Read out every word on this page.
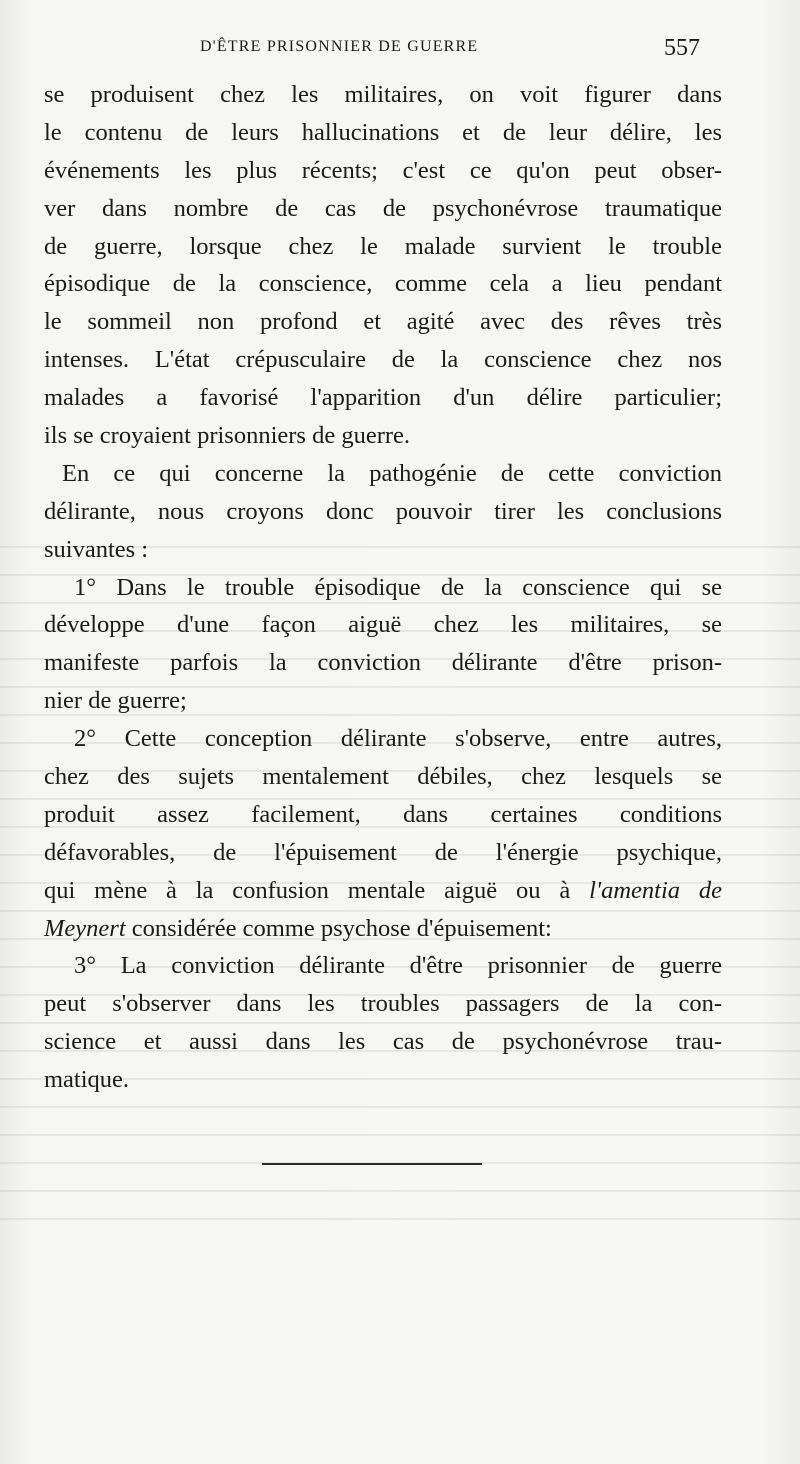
D'ÊTRE PRISONNIER DE GUERRE	557
se produisent chez les militaires, on voit figurer dans
le contenu de leurs hallucinations et de leur délire, les
événements les plus récents; c'est ce qu'on peut obser-
ver dans nombre de cas de psychonévrose traumatique
de guerre, lorsque chez le malade survient le trouble
épisodique de la conscience, comme cela a lieu pendant
le sommeil non profond et agité avec des rêves très
intenses. L'état crépusculaire de la conscience chez nos
malades a favorisé l'apparition d'un délire particulier;
ils se croyaient prisonniers de guerre.
En ce qui concerne la pathogénie de cette conviction
délirante, nous croyons donc pouvoir tirer les conclusions
suivantes :
1° Dans le trouble épisodique de la conscience qui se
développe d'une façon aiguë chez les militaires, se
manifeste parfois la conviction délirante d'être prison-
nier de guerre;
2° Cette conception délirante s'observe, entre autres,
chez des sujets mentalement débiles, chez lesquels se
produit assez facilement, dans certaines conditions
défavorables, de l'épuisement de l'énergie psychique,
qui mène à la confusion mentale aiguë ou à l'amentia de
Meynert considérée comme psychose d'épuisement:
3° La conviction délirante d'être prisonnier de guerre
peut s'observer dans les troubles passagers de la con-
science et aussi dans les cas de psychonévrose trau-
matique.
